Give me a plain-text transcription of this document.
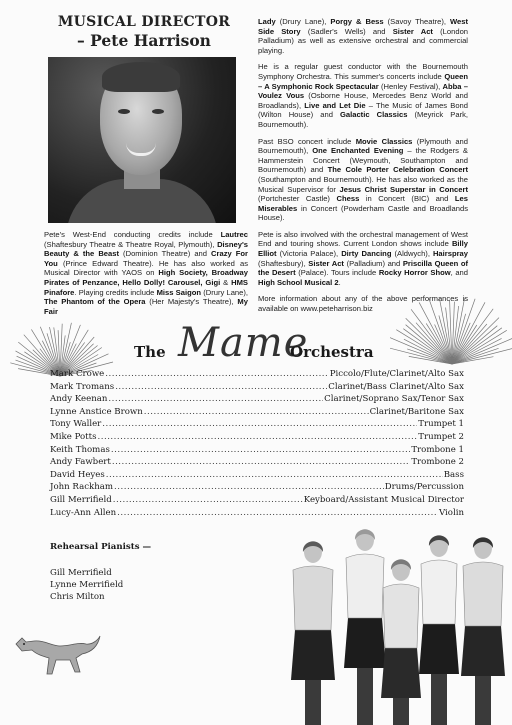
MUSICAL DIRECTOR
– Pete Harrison

Pete's West-End conducting credits include Lautrec (Shaftesbury Theatre & Theatre Royal, Plymouth), Disney's Beauty & the Beast (Dominion Theatre) and Crazy For You (Prince Edward Theatre). He has also worked as Musical Director with YAOS on High Society, Broadway Pirates of Penzance, Hello Dolly! Carousel, Gigi & HMS Pinafore. Playing credits include Miss Saigon (Drury Lane), The Phantom of the Opera (Her Majesty's Theatre), My Fair

Lady (Drury Lane), Porgy & Bess (Savoy Theatre), West Side Story (Sadler's Wells) and Sister Act (London Palladium) as well as extensive orchestral and commercial playing.

He is a regular guest conductor with the Bournemouth Symphony Orchestra. This summer's concerts include Queen – A Symphonic Rock Spectacular (Henley Festival), Abba – Voulez Vous (Osborne House, Mercedes Benz World and Broadlands), Live and Let Die – The Music of James Bond (Wilton House) and Galactic Classics (Meyrick Park, Bournemouth).

Past BSO concert include Movie Classics (Plymouth and Bournemouth), One Enchanted Evening – the Rodgers & Hammerstein Concert (Weymouth, Southampton and Bournemouth) and The Cole Porter Celebration Concert (Southampton and Bournemouth). He has also worked as the Musical Supervisor for Jesus Christ Superstar in Concert (Portchester Castle) Chess in Concert (BIC) and Les Miserables in Concert (Powderham Castle and Broadlands House).

Pete is also involved with the orchestral management of West End and touring shows. Current London shows include Billy Elliot (Victoria Palace), Dirty Dancing (Aldwych), Hairspray (Shaftesbury), Sister Act (Palladium) and Priscilla Queen of the Desert (Palace). Tours include Rocky Horror Show, and High School Musical 2.

More information about any of the above performances is available on www.peteharrison.biz

The Mame
Orchestra
Mark Crowe .....	Piccolo/Flute/Clarinet/Alto Sax
Mark Tromans .....	Clarinet/Bass Clarinet/Alto Sax
Andy Keenan .....	Clarinet/Soprano Sax/Tenor Sax
Lynne Anstice Brown .....	Clarinet/Baritone Sax
Tony Waller .....	Trumpet 1
Mike Potts .....	Trumpet 2
Keith Thomas .....	Trombone 1
Andy Fawbert .....	Trombone 2
David Heyes .....	Bass
John Rackham .....	Drums/Percussion
Gill Merrifield .....	Keyboard/Assistant Musical Director
Lucy-Ann Allen .....	Violin
Rehearsal Pianists —
Gill Merrifield
Lynne Merrifield
Chris Milton
